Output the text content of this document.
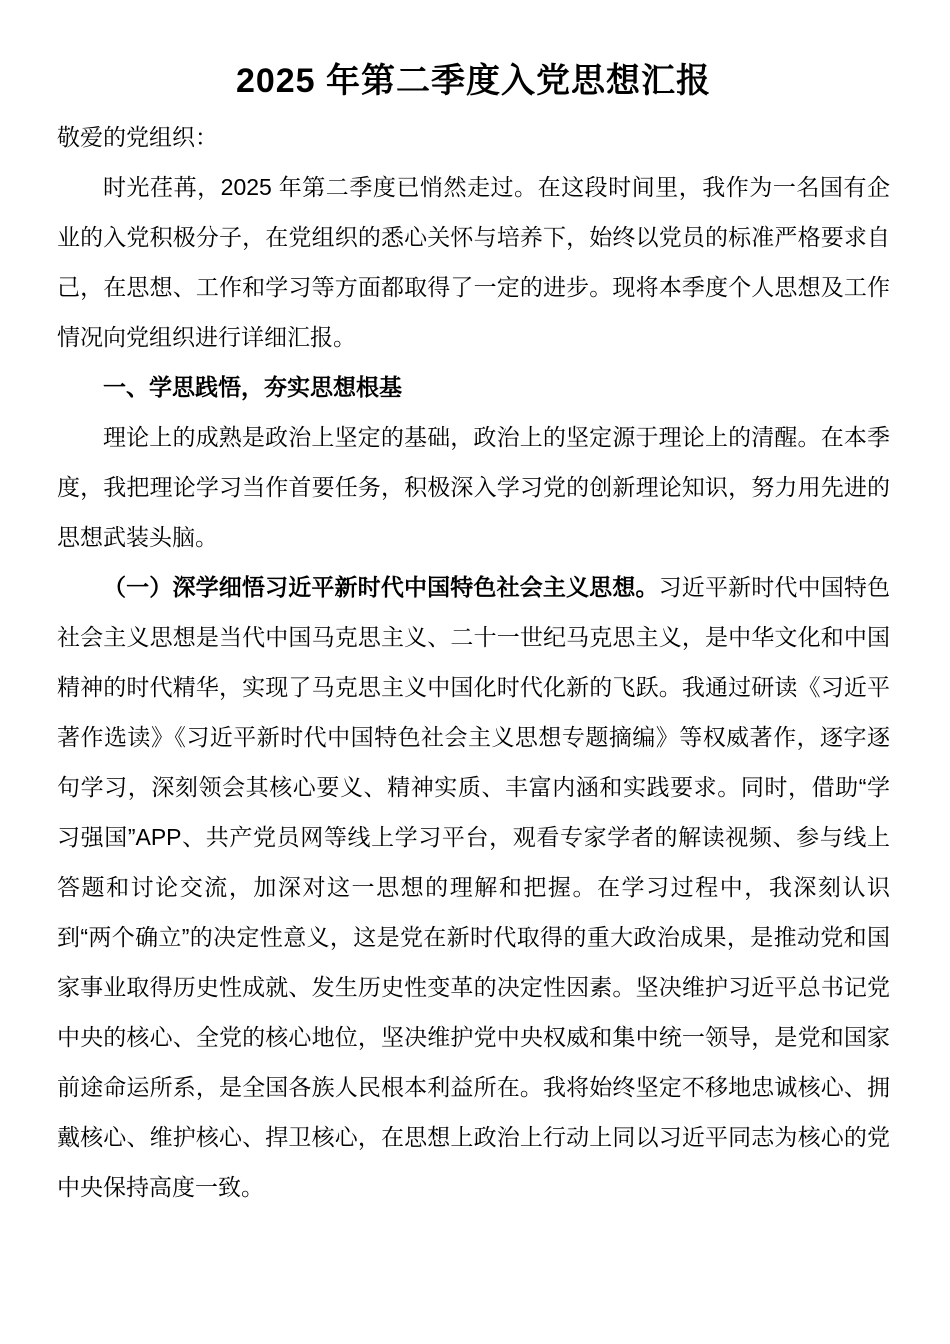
2025 年第二季度入党思想汇报

敬爱的党组织：

时光荏苒，2025 年第二季度已悄然走过。在这段时间里，我作为一名国有企业的入党积极分子，在党组织的悉心关怀与培养下，始终以党员的标准严格要求自己，在思想、工作和学习等方面都取得了一定的进步。现将本季度个人思想及工作情况向党组织进行详细汇报。

一、学思践悟，夯实思想根基

理论上的成熟是政治上坚定的基础，政治上的坚定源于理论上的清醒。在本季度，我把理论学习当作首要任务，积极深入学习党的创新理论知识，努力用先进的思想武装头脑。

（一）深学细悟习近平新时代中国特色社会主义思想。习近平新时代中国特色社会主义思想是当代中国马克思主义、二十一世纪马克思主义，是中华文化和中国精神的时代精华，实现了马克思主义中国化时代化新的飞跃。我通过研读《习近平著作选读》《习近平新时代中国特色社会主义思想专题摘编》等权威著作，逐字逐句学习，深刻领会其核心要义、精神实质、丰富内涵和实践要求。同时，借助“学习强国”APP、共产党员网等线上学习平台，观看专家学者的解读视频、参与线上答题和讨论交流，加深对这一思想的理解和把握。在学习过程中，我深刻认识到“两个确立”的决定性意义，这是党在新时代取得的重大政治成果，是推动党和国家事业取得历史性成就、发生历史性变革的决定性因素。坚决维护习近平总书记党中央的核心、全党的核心地位，坚决维护党中央权威和集中统一领导，是党和国家前途命运所系，是全国各族人民根本利益所在。我将始终坚定不移地忠诚核心、拥戴核心、维护核心、捍卫核心，在思想上政治上行动上同以习近平同志为核心的党中央保持高度一致。
